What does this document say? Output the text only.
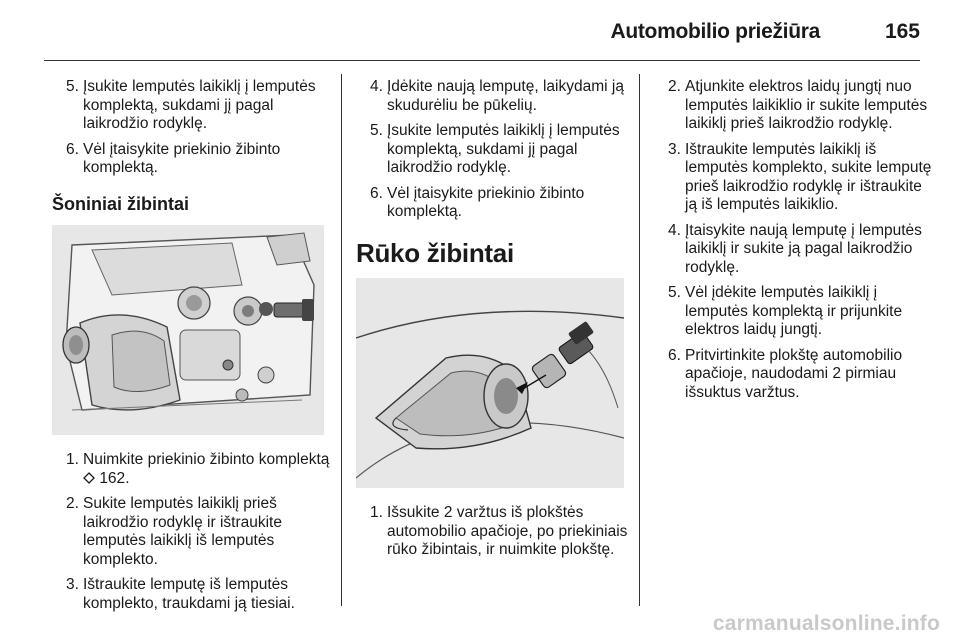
Automobilio priežiūra	165
5. Įsukite lemputės laikiklį į lemputės komplektą, sukdami jį pagal laikrodžio rodyklę.
6. Vėl įtaisykite priekinio žibinto komplektą.
Šoniniai žibintai
1. Nuimkite priekinio žibinto komplektą  162.
2. Sukite lemputės laikiklį prieš laikrodžio rodyklę ir ištraukite lemputės laikiklį iš lemputės komplekto.
3. Ištraukite lemputę iš lemputės komplekto, traukdami ją tiesiai.
4. Įdėkite naują lemputę, laikydami ją skudurėliu be pūkelių.
5. Įsukite lemputės laikiklį į lemputės komplektą, sukdami jį pagal laikrodžio rodyklę.
6. Vėl įtaisykite priekinio žibinto komplektą.
Rūko žibintai
1. Išsukite 2 varžtus iš plokštės automobilio apačioje, po priekiniais rūko žibintais, ir nuimkite plokštę.
2. Atjunkite elektros laidų jungtį nuo lemputės laikiklio ir sukite lemputės laikiklį prieš laikrodžio rodyklę.
3. Ištraukite lemputės laikiklį iš lemputės komplekto, sukite lemputę prieš laikrodžio rodyklę ir ištraukite ją iš lemputės laikiklio.
4. Įtaisykite naują lemputę į lemputės laikiklį ir sukite ją pagal laikrodžio rodyklę.
5. Vėl įdėkite lemputės laikiklį į lemputės komplektą ir prijunkite elektros laidų jungtį.
6. Pritvirtinkite plokštę automobilio apačioje, naudodami 2 pirmiau išsuktus varžtus.
carmanualsonline.info
